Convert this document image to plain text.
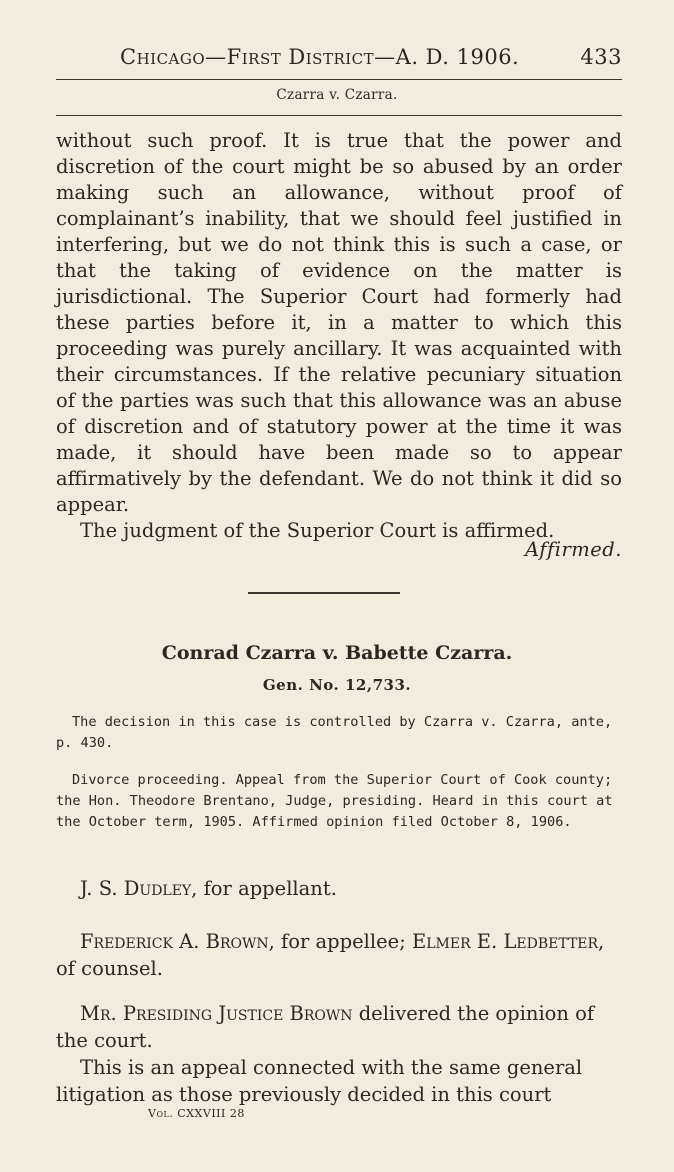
Chicago—First District—A. D. 1906.	433
Czarra v. Czarra.

without such proof. It is true that the power and discretion of the court might be so abused by an order making such an allowance, without proof of complainant’s inability, that we should feel justified in interfering, but we do not think this is such a case, or that the taking of evidence on the matter is jurisdictional. The Superior Court had formerly had these parties before it, in a matter to which this proceeding was purely ancillary. It was acquainted with their circumstances. If the relative pecuniary situation of the parties was such that this allowance was an abuse of discretion and of statutory power at the time it was made, it should have been made so to appear affirmatively by the defendant. We do not think it did so appear.

The judgment of the Superior Court is affirmed.

Affirmed.
Conrad Czarra v. Babette Czarra.
Gen. No. 12,733.

The decision in this case is controlled by Czarra v. Czarra, ante, p. 430.

Divorce proceeding. Appeal from the Superior Court of Cook county; the Hon. Theodore Brentano, Judge, presiding. Heard in this court at the October term, 1905. Affirmed opinion filed October 8, 1906.

J. S. Dudley, for appellant.

Frederick A. Brown, for appellee; Elmer E. Ledbetter, of counsel.

Mr. Presiding Justice Brown delivered the opinion of the court.

This is an appeal connected with the same general litigation as those previously decided in this court

Vol. CXXVIII 28
